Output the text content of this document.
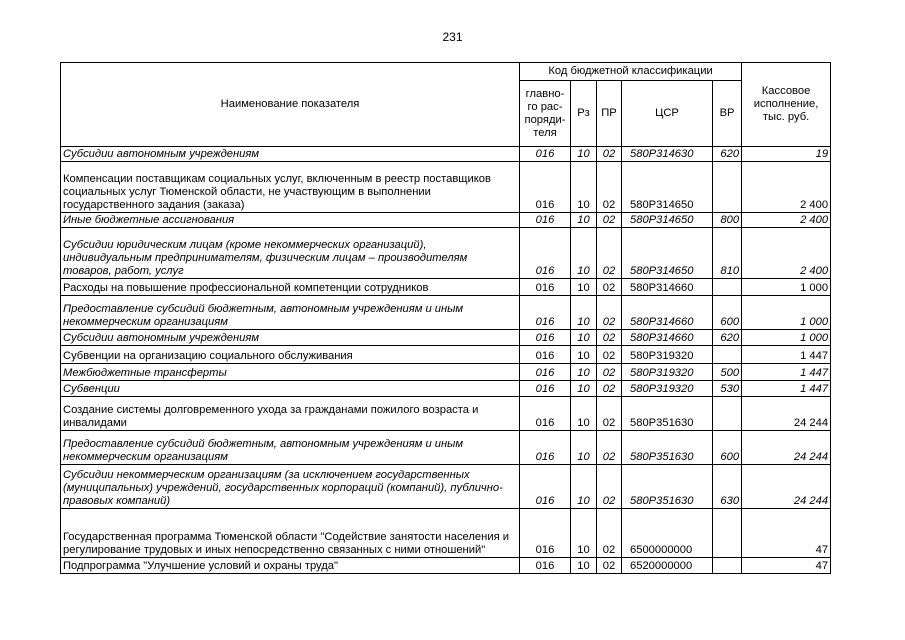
231
Наименование показателя	Код бюджетной классификации					Кассовое
исполнение,
тыс. руб.

	главно-
го рас-
поряди-
теля	Рз	ПР	ЦСР	ВР	
Субсидии автономным учреждениям	016	10	02	580P314630	620	19
Компенсации поставщикам социальных услуг, включенным в реестр поставщиков социальных услуг Тюменской области, не участвующим в выполнении государственного задания (заказа)	016	10	02	580P314650		2 400
Иные бюджетные ассигнования	016	10	02	580P314650	800	2 400
Субсидии юридическим лицам (кроме некоммерческих организаций), индивидуальным предпринимателям, физическим лицам – производителям товаров, работ, услуг	016	10	02	580P314650	810	2 400
Расходы на повышение профессиональной компетенции сотрудников	016	10	02	580P314660		1 000
Предоставление субсидий бюджетным, автономным учреждениям и иным некоммерческим организациям	016	10	02	580P314660	600	1 000
Субсидии автономным учреждениям	016	10	02	580P314660	620	1 000
Субвенции на организацию социального обслуживания	016	10	02	580P319320		1 447
Межбюджетные трансферты	016	10	02	580P319320	500	1 447
Субвенции	016	10	02	580P319320	530	1 447
Создание системы долговременного ухода за гражданами пожилого возраста и инвалидами	016	10	02	580P351630		24 244
Предоставление субсидий бюджетным, автономным учреждениям и иным некоммерческим организациям	016	10	02	580P351630	600	24 244
Субсидии некоммерческим организациям (за исключением государственных (муниципальных) учреждений, государственных корпораций (компаний), публично-правовых компаний)	016	10	02	580P351630	630	24 244
Государственная программа Тюменской области "Содействие занятости населения и регулирование трудовых и иных непосредственно связанных с ними отношений"	016	10	02	6500000000		47
Подпрограмма "Улучшение условий и охраны труда"	016	10	02	6520000000		47
